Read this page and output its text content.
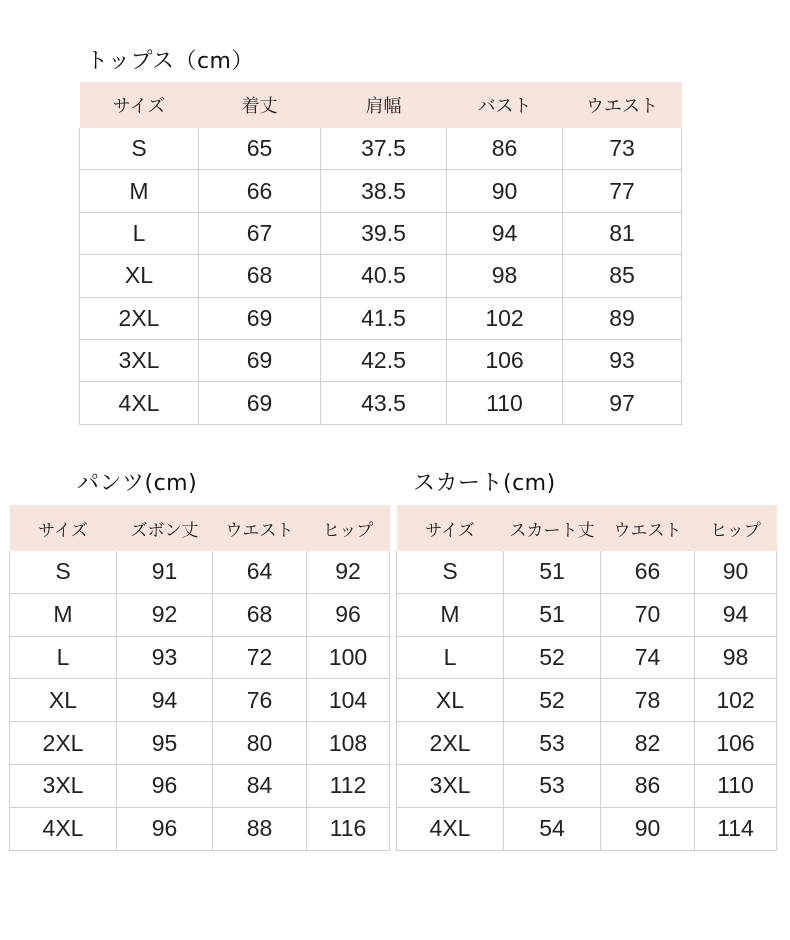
トップス（cm）
サイズ	着丈	肩幅	バスト	ウエスト
S	65	37.5	86	73
M	66	38.5	90	77
L	67	39.5	94	81
XL	68	40.5	98	85
2XL	69	41.5	102	89
3XL	69	42.5	106	93
4XL	69	43.5	110	97
パンツ(cm)
サイズ	ズボン丈	ウエスト	ヒップ
S	91	64	92
M	92	68	96
L	93	72	100
XL	94	76	104
2XL	95	80	108
3XL	96	84	112
4XL	96	88	116
スカート(cm)
サイズ	スカート丈	ウエスト	ヒップ
S	51	66	90
M	51	70	94
L	52	74	98
XL	52	78	102
2XL	53	82	106
3XL	53	86	110
4XL	54	90	114
